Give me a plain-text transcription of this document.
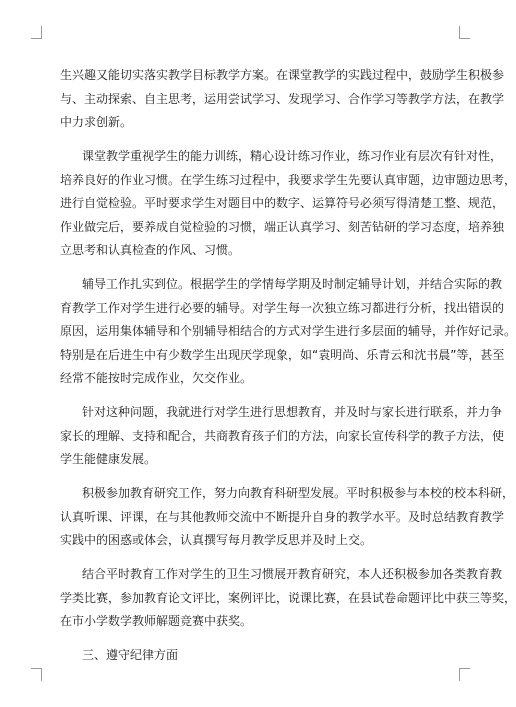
生兴趣又能切实落实教学目标教学方案。在课堂教学的实践过程中，鼓励学生积极参
与、主动探索、自主思考，运用尝试学习、发现学习、合作学习等教学方法，在教学
中力求创新。
课堂教学重视学生的能力训练，精心设计练习作业，练习作业有层次有针对性，
培养良好的作业习惯。在学生练习过程中，我要求学生先要认真审题，边审题边思考，
进行自觉检验。平时要求学生对题目中的数字、运算符号必须写得清楚工整、规范，
作业做完后，要养成自觉检验的习惯，端正认真学习、刻苦钻研的学习态度，培养独
立思考和认真检查的作风、习惯。
辅导工作扎实到位。根据学生的学情每学期及时制定辅导计划，并结合实际的教
育教学工作对学生进行必要的辅导。对学生每一次独立练习都进行分析，找出错误的
原因，运用集体辅导和个别辅导相结合的方式对学生进行多层面的辅导，并作好记录。
特别是在后进生中有少数学生出现厌学现象，如“袁明尚、乐青云和沈书晨”等，甚至
经常不能按时完成作业，欠交作业。
针对这种问题，我就进行对学生进行思想教育，并及时与家长进行联系，并力争
家长的理解、支持和配合，共商教育孩子们的方法，向家长宣传科学的教子方法，使
学生能健康发展。
积极参加教育研究工作，努力向教育科研型发展。平时积极参与本校的校本科研，
认真听课、评课，在与其他教师交流中不断提升自身的教学水平。及时总结教育教学
实践中的困惑或体会，认真撰写每月教学反思并及时上交。
结合平时教育工作对学生的卫生习惯展开教育研究，本人还积极参加各类教育教
学类比赛，参加教育论文评比，案例评比，说课比赛，在县试卷命题评比中获三等奖，
在市小学数学教师解题竞赛中获奖。
三、遵守纪律方面
